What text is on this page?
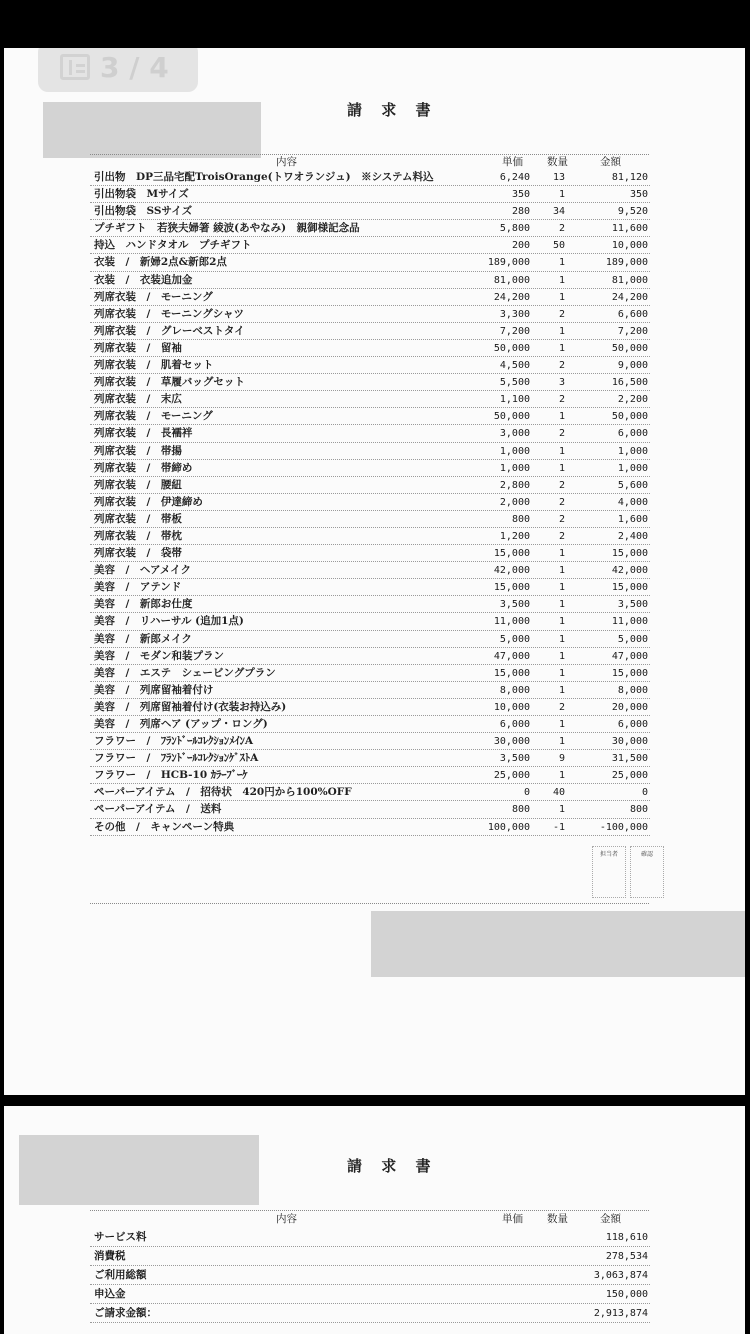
3 / 4
請 求 書
内容	単価 数量	金額
引出物　DP三品宅配TroisOrange(トワオランジュ)　※システム料込	6,240	13	81,120
引出物袋　Mサイズ	350	1	350
引出物袋　SSサイズ	280	34	9,520
プチギフト　若狭夫婦箸 綾波(あやなみ)　親御様記念品	5,800	2	11,600
持込　ハンドタオル　プチギフト	200	50	10,000
衣装　/　新婦2点&新郎2点	189,000	1	189,000
衣装　/　衣装追加金	81,000	1	81,000
列席衣装　/　モーニング	24,200	1	24,200
列席衣装　/　モーニングシャツ	3,300	2	6,600
列席衣装　/　グレーベストタイ	7,200	1	7,200
列席衣装　/　留袖	50,000	1	50,000
列席衣装　/　肌着セット	4,500	2	9,000
列席衣装　/　草履バッグセット	5,500	3	16,500
列席衣装　/　末広	1,100	2	2,200
列席衣装　/　モーニング	50,000	1	50,000
列席衣装　/　長襦袢	3,000	2	6,000
列席衣装　/　帯揚	1,000	1	1,000
列席衣装　/　帯締め	1,000	1	1,000
列席衣装　/　腰紐	2,800	2	5,600
列席衣装　/　伊達締め	2,000	2	4,000
列席衣装　/　帯板	800	2	1,600
列席衣装　/　帯枕	1,200	2	2,400
列席衣装　/　袋帯	15,000	1	15,000
美容　/　ヘアメイク	42,000	1	42,000
美容　/　アテンド	15,000	1	15,000
美容　/　新郎お仕度	3,500	1	3,500
美容　/　リハーサル (追加1点)	11,000	1	11,000
美容　/　新郎メイク	5,000	1	5,000
美容　/　モダン和装プラン	47,000	1	47,000
美容　/　エステ　シェービングプラン	15,000	1	15,000
美容　/　列席留袖着付け	8,000	1	8,000
美容　/　列席留袖着付け(衣装お持込み)	10,000	2	20,000
美容　/　列席ヘア (アップ・ロング)	6,000	1	6,000
フラワー　/　ﾌﾗﾝﾄﾞｰﾙｺﾚｸｼｮﾝﾒｲﾝA	30,000	1	30,000
フラワー　/　ﾌﾗﾝﾄﾞｰﾙｺﾚｸｼｮﾝｹﾞｽﾄA	3,500	9	31,500
フラワー　/　HCB-10 ｶﾗｰﾌﾞｰｹ	25,000	1	25,000
ペーパーアイテム　/　招待状　420円から100%OFF	0	40	0
ペーパーアイテム　/　送料	800	1	800
その他　/　キャンペーン特典	100,000	-1	-100,000
担当者	確認
請 求 書
内容	単価 数量	金額
サービス料	118,610
消費税	278,534
ご利用総額	3,063,874
申込金	150,000
ご請求金額：	2,913,874
